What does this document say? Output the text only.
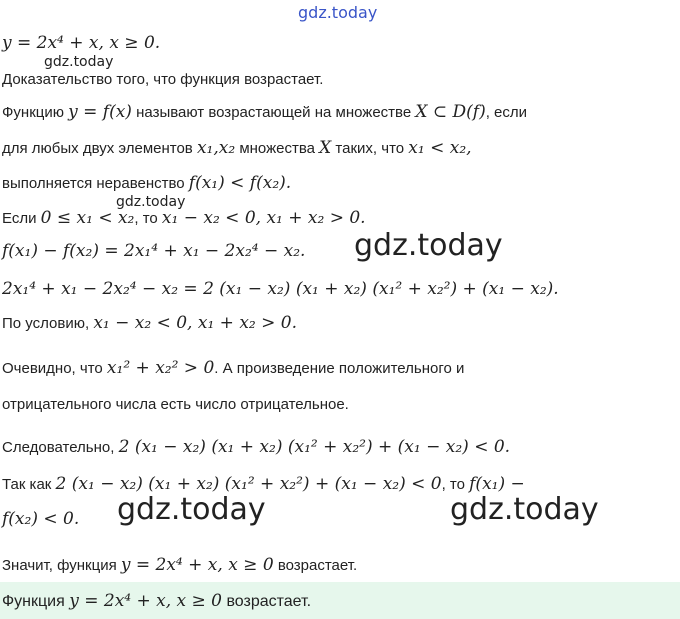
gdz.today
y = 2x⁴ + x, x ≥ 0.
gdz.today
Доказательство того, что функция возрастает.
Функцию y = f(x) называют возрастающей на множестве X ⊂ D(f), если
для любых двух элементов x₁,x₂ множества X таких, что x₁ < x₂,
выполняется неравенство f(x₁) < f(x₂).
gdz.today
Если 0 ≤ x₁ < x₂, то x₁ − x₂ < 0, x₁ + x₂ > 0.
f(x₁) − f(x₂) = 2x₁⁴ + x₁ − 2x₂⁴ − x₂. gdz.today
2x₁⁴ + x₁ − 2x₂⁴ − x₂ = 2 (x₁ − x₂) (x₁ + x₂) (x₁² + x₂²) + (x₁ − x₂).
По условию, x₁ − x₂ < 0, x₁ + x₂ > 0.
Очевидно, что x₁² + x₂² > 0. А произведение положительного и
отрицательного числа есть число отрицательное.
Следовательно, 2 (x₁ − x₂) (x₁ + x₂) (x₁² + x₂²) + (x₁ − x₂) < 0.
Так как 2 (x₁ − x₂) (x₁ + x₂) (x₁² + x₂²) + (x₁ − x₂) < 0, то f(x₁) −
f(x₂) < 0. gdz.today	gdz.today
Значит, функция y = 2x⁴ + x, x ≥ 0 возрастает.
Функция y = 2x⁴ + x, x ≥ 0 возрастает.
